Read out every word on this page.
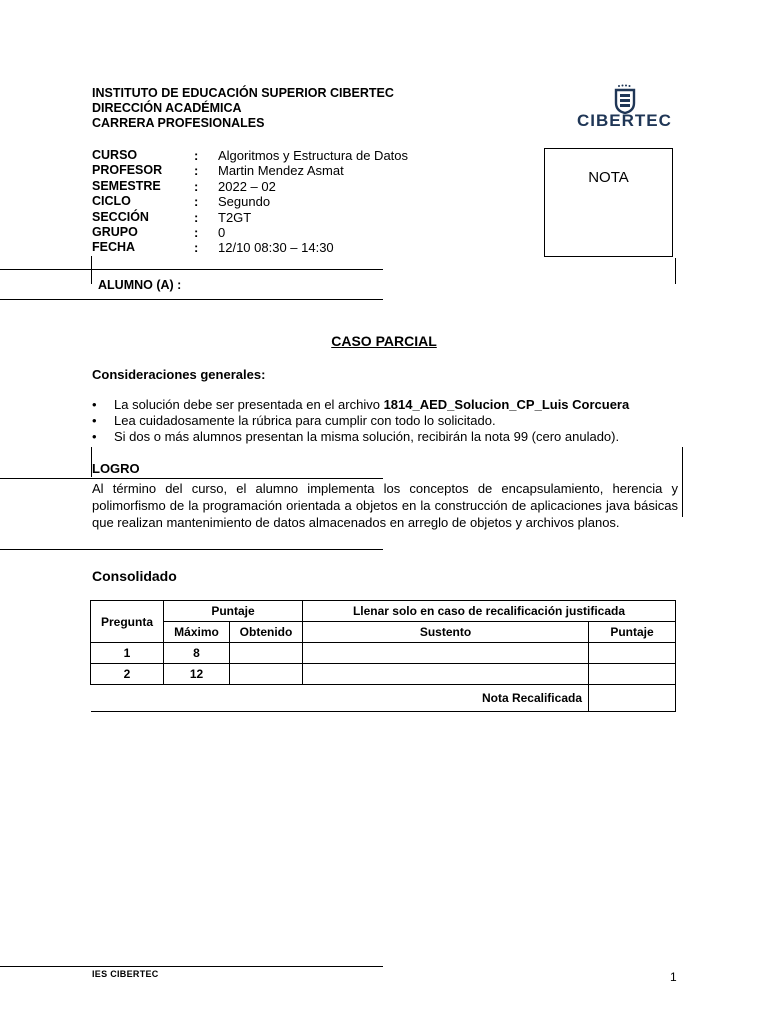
INSTITUTO DE EDUCACIÓN SUPERIOR CIBERTEC
DIRECCIÓN ACADÉMICA
CARRERA PROFESIONALES	CIBERTEC
CURSO	:	Algoritmos y Estructura de Datos
PROFESOR	:	Martin Mendez Asmat
SEMESTRE	:	2022 – 02
CICLO	:	Segundo
SECCIÓN	:	T2GT
GRUPO	:	0
FECHA	:	12/10 08:30 – 14:30
NOTA
ALUMNO (A) :
CASO PARCIAL
Consideraciones generales:
•	La solución debe ser presentada en el archivo 1814_AED_Solucion_CP_Luis Corcuera
•	Lea cuidadosamente la rúbrica para cumplir con todo lo solicitado.
•	Si dos o más alumnos presentan la misma solución, recibirán la nota 99 (cero anulado).
LOGRO
Al término del curso, el alumno implementa los conceptos de encapsulamiento, herencia y polimorfismo de la programación orientada a objetos en la construcción de aplicaciones java básicas que realizan mantenimiento de datos almacenados en arreglo de objetos y archivos planos.
Consolidado
Pregunta	Puntaje		Llenar solo en caso de recalificación justificada	
	Máximo	Obtenido	Sustento	Puntaje
1	8			
2	12			
Nota Recalificada				
IES CIBERTEC	1
